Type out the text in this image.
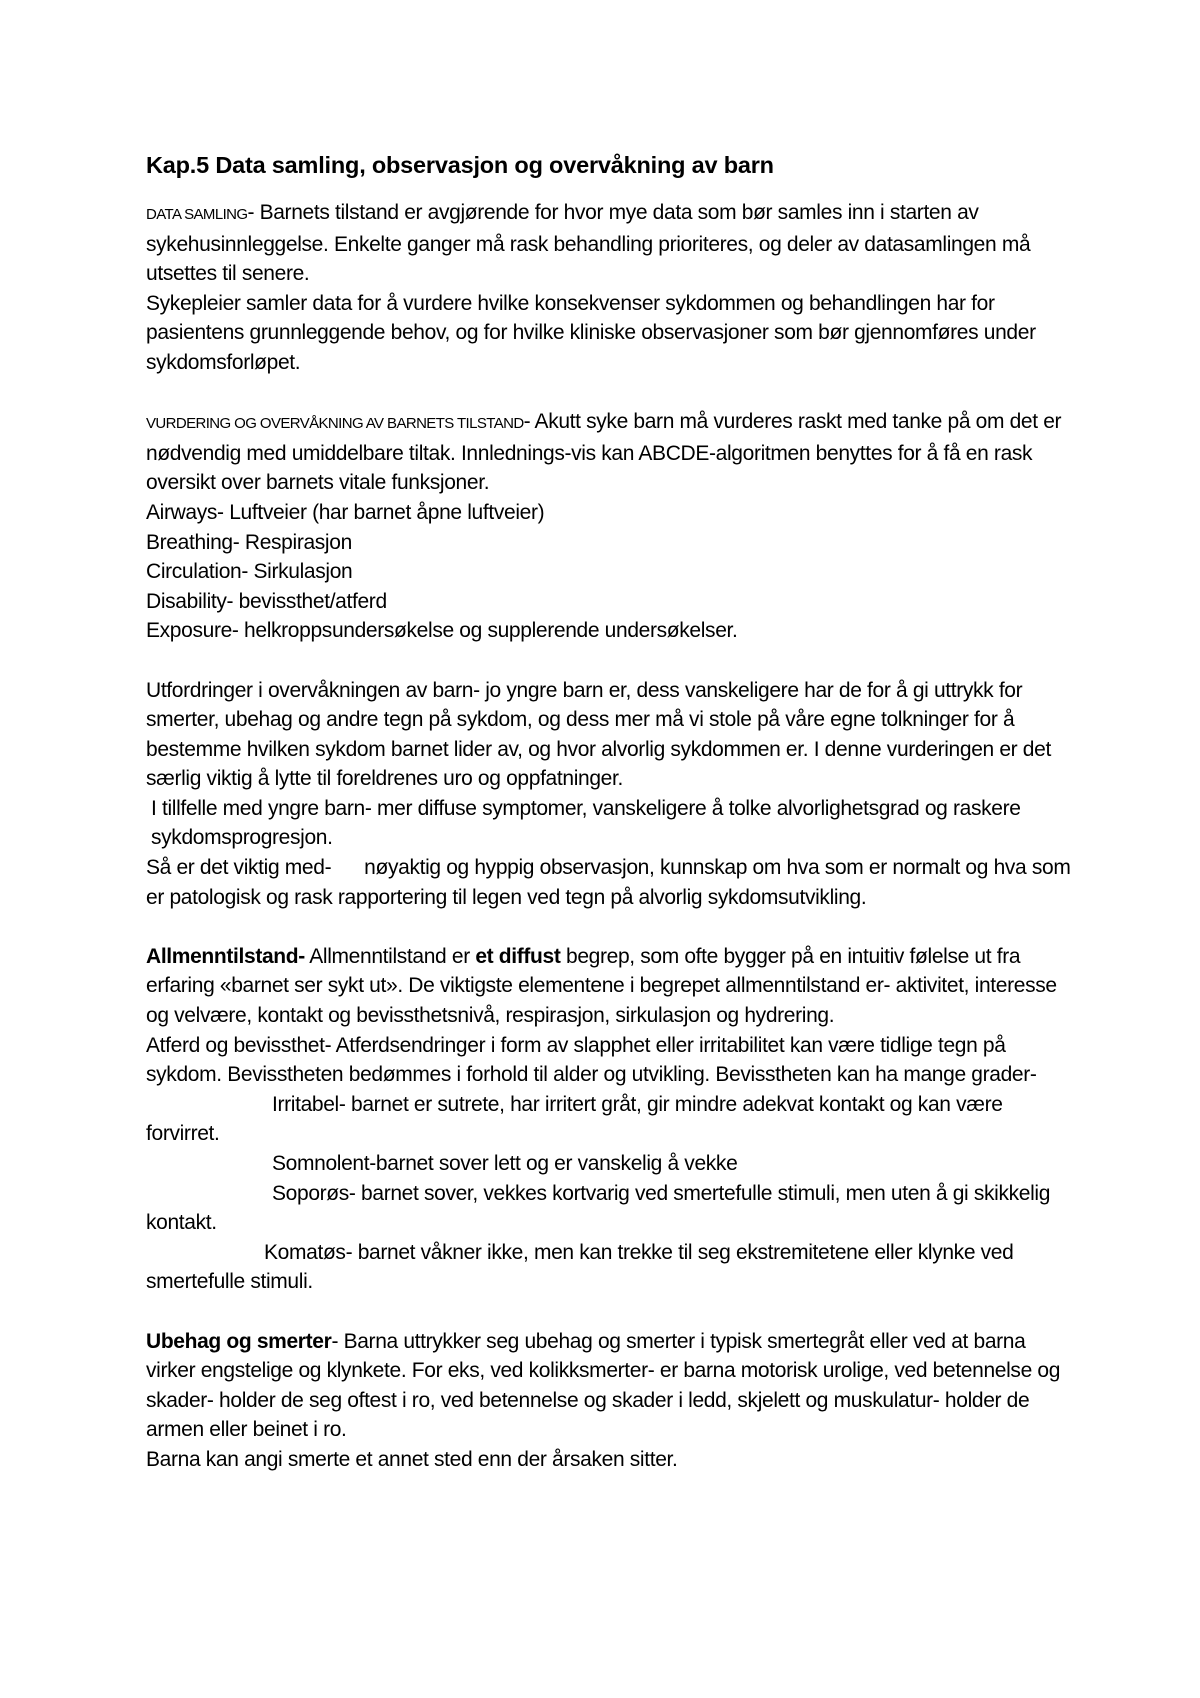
Kap.5 Data samling, observasjon og overvåkning av barn

DATA SAMLING- Barnets tilstand er avgjørende for hvor mye data som bør samles inn i starten av sykehusinnleggelse. Enkelte ganger må rask behandling prioriteres, og deler av datasamlingen må utsettes til senere.

Sykepleier samler data for å vurdere hvilke konsekvenser sykdommen og behandlingen har for pasientens grunnleggende behov, og for hvilke kliniske observasjoner som bør gjennomføres under sykdomsforløpet.

VURDERING OG OVERVÅKNING AV BARNETS TILSTAND- Akutt syke barn må vurderes raskt med tanke på om det er nødvendig med umiddelbare tiltak. Innlednings-vis kan ABCDE-algoritmen benyttes for å få en rask oversikt over barnets vitale funksjoner.

Airways- Luftveier (har barnet åpne luftveier)

Breathing- Respirasjon

Circulation- Sirkulasjon

Disability- bevissthet/atferd

Exposure- helkroppsundersøkelse og supplerende undersøkelser.

Utfordringer i overvåkningen av barn- jo yngre barn er, dess vanskeligere har de for å gi uttrykk for smerter, ubehag og andre tegn på sykdom, og dess mer må vi stole på våre egne tolkninger for å bestemme hvilken sykdom barnet lider av, og hvor alvorlig sykdommen er. I denne vurderingen er det særlig viktig å lytte til foreldrenes uro og oppfatninger.

I tillfelle med yngre barn- mer diffuse symptomer, vanskeligere å tolke alvorlighetsgrad og raskere sykdomsprogresjon.

Så er det viktig med- nøyaktig og hyppig observasjon, kunnskap om hva som er normalt og hva som er patologisk og rask rapportering til legen ved tegn på alvorlig sykdomsutvikling.

Allmenntilstand- Allmenntilstand er et diffust begrep, som ofte bygger på en intuitiv følelse ut fra erfaring «barnet ser sykt ut». De viktigste elementene i begrepet allmenntilstand er- aktivitet, interesse og velvære, kontakt og bevissthetsnivå, respirasjon, sirkulasjon og hydrering.

Atferd og bevissthet- Atferdsendringer i form av slapphet eller irritabilitet kan være tidlige tegn på sykdom. Bevisstheten bedømmes i forhold til alder og utvikling. Bevisstheten kan ha mange grader-

Irritabel- barnet er sutrete, har irritert gråt, gir mindre adekvat kontakt og kan være forvirret.

Somnolent-barnet sover lett og er vanskelig å vekke

Soporøs- barnet sover, vekkes kortvarig ved smertefulle stimuli, men uten å gi skikkelig kontakt.

Komatøs- barnet våkner ikke, men kan trekke til seg ekstremitetene eller klynke ved smertefulle stimuli.

Ubehag og smerter- Barna uttrykker seg ubehag og smerter i typisk smertegråt eller ved at barna virker engstelige og klynkete. For eks, ved kolikksmerter- er barna motorisk urolige, ved betennelse og skader- holder de seg oftest i ro, ved betennelse og skader i ledd, skjelett og muskulatur- holder de armen eller beinet i ro.

Barna kan angi smerte et annet sted enn der årsaken sitter.
